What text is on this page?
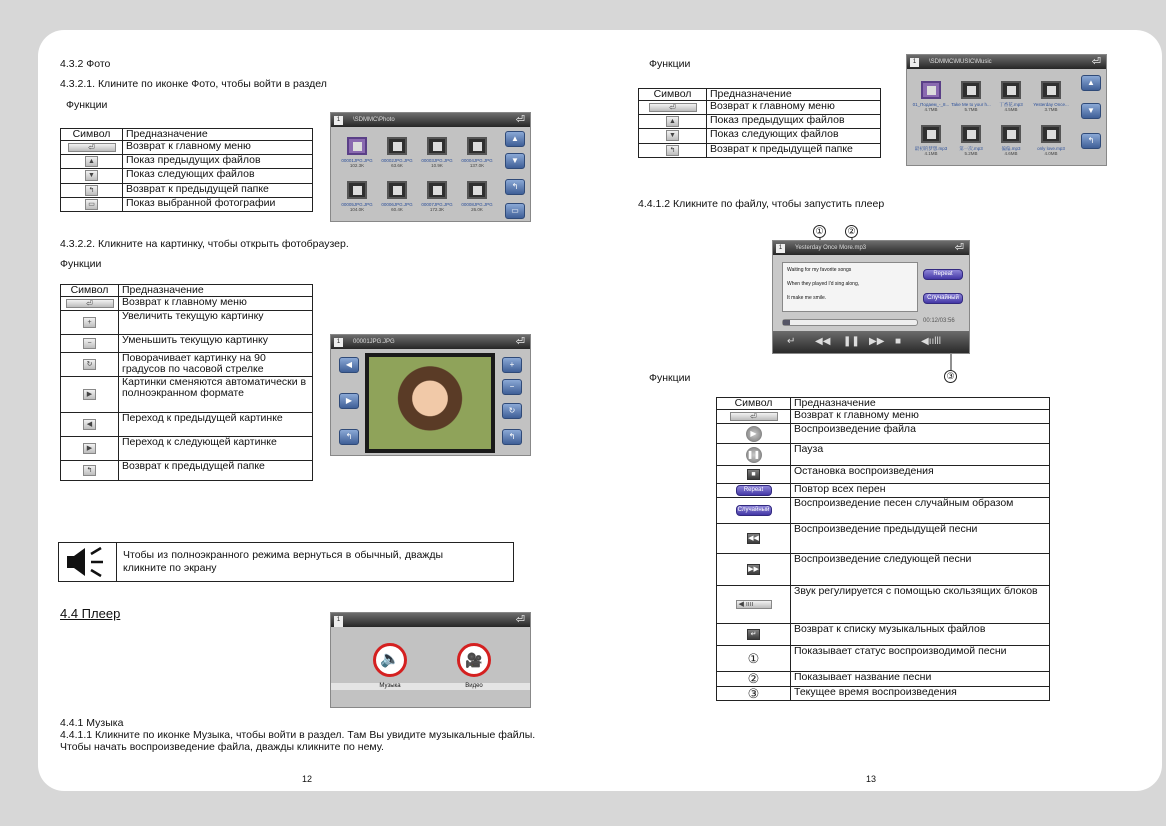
4.3.2 Фото
4.3.2.1. Клините по иконке Фото, чтобы войти в раздел
Функции
Символ	Предназначение
⏎	Возврат к главному меню
▲	Показ предыдущих файлов
▼	Показ следующих файлов
↰	Возврат к предыдущей папке
▭	Показ выбранной фотографии
\SDMMC\Photo
1	⏎
▲
▼
↰
▭
00001JPG.JPG
102.3K
00002JPG.JPG
63.6K
00003JPG.JPG
10.9K
00004JPG.JPG
137.0K
00005JPG.JPG
104.0K
00006JPG.JPG
60.4K
00007JPG.JPG
172.3K
00008JPG.JPG
26.0K
4.3.2.2. Кликните на картинку, чтобы открыть фотобраузер.
Функции
Символ	Предназначение
⏎	Возврат к главному меню
+	Увеличить текущую картинку
−	Уменьшить текущую картинку
↻	Поворачивает картинку на 90 градусов по часовой стрелке
▶	Картинки сменяются автоматически в полноэкранном формате
◀	Переход к предыдущей картинке
▶	Переход к следующей картинке
↰	Возврат к предыдущей папке
00001JPG.JPG
1	⏎
◀
▶
↰
+
−
↻
↰
Чтобы из полноэкранного режима вернуться в обычный, дважды кликните по экрану
4.4 Плеер	1	⏎
🔈	🎥
Музыка	Видео
4.4.1 Музыка
4.4.1.1 Кликните по иконке Музыка, чтобы войти в раздел. Там Вы увидите музыкальные файлы. Чтобы начать воспроизведение файла, дважды кликните по нему.
12
Функции
Символ	Предназначение
⏎	Возврат к главному меню
▲	Показ предыдущих файлов
▼	Показ следующих файлов
↰	Возврат к предыдущей папке
\SDMMC\MUSIC\Music
1	⏎
▲
▼
↰
01_Подаем_-_8...
4.7MB
Take Me to your h...
5.7MB
丁香花.mp3
4.5MB
Yesterday Once...
3.7MB
最初的梦想.mp3
4.1MB
第一次.mp3
5.2MB
偏偏.mp3
4.6MB
only love.mp3
4.0MB
4.4.1.2 Кликните по файлу, чтобы запустить плеер
①	②
③
Yesterday Once More.mp3
1	⏎
Waiting for my favorite songs
When they played I'd sing along,
It make me smile.
Repeat
Случайный
00:12/03:56
↵ ◀◀ ❚❚ ▶▶ ■ ◀ıılll
Функции
Символ	Предназначение
⏎	Возврат к главному меню
▶	Воспроизведение файла
❚❚	Пауза
■	Остановка воспроизведения
Repeat	Повтор всех перен
Случайный	Воспроизведение песен случайным образом
◀◀	Воспроизведение предыдущей песни
▶▶	Воспроизведение следующей песни
◀ ıııı	Звук регулируется с помощью скользящих блоков
↵	Возврат к списку музыкальных файлов
①	Показывает статус воспроизводимой песни
②	Показывает название песни
③	Текущее время воспроизведения
13
